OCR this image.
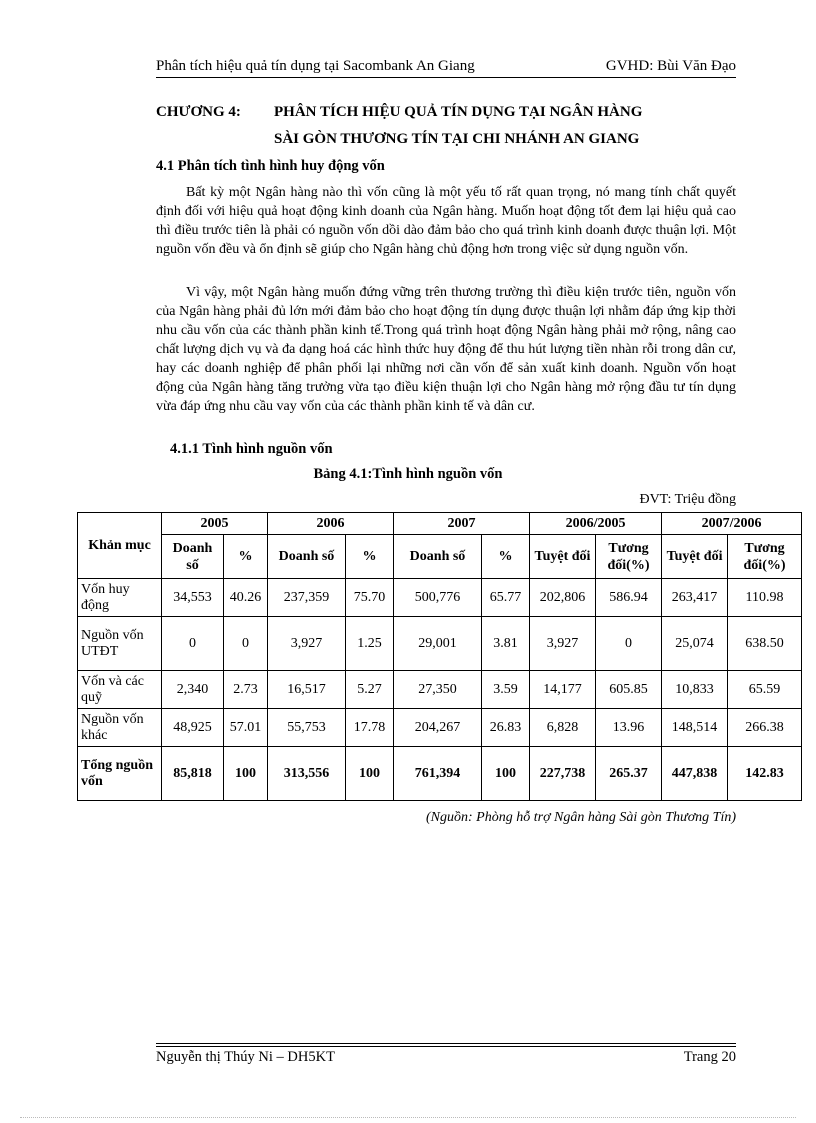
Phân tích hiệu quả tín dụng tại Sacombank An Giang	GVHD: Bùi Văn Đạo
CHƯƠNG 4: PHÂN TÍCH HIỆU QUẢ TÍN DỤNG TẠI NGÂN HÀNG
SÀI GÒN THƯƠNG TÍN TẠI CHI NHÁNH AN GIANG
4.1 Phân tích tình hình huy động vốn

Bất kỳ một Ngân hàng nào thì vốn cũng là một yếu tố rất quan trọng, nó mang tính chất quyết định đối với hiệu quả hoạt động kinh doanh của Ngân hàng. Muốn hoạt động tốt đem lại hiệu quả cao thì điều trước tiên là phải có nguồn vốn dồi dào đảm bảo cho quá trình kinh doanh được thuận lợi. Một nguồn vốn đều và ổn định sẽ giúp cho Ngân hàng chủ động hơn trong việc sử dụng nguồn vốn.

Vì vậy, một Ngân hàng muốn đứng vững trên thương trường thì điều kiện trước tiên, nguồn vốn của Ngân hàng phải đủ lớn mới đảm bảo cho hoạt động tín dụng được thuận lợi nhằm đáp ứng kịp thời nhu cầu vốn của các thành phần kinh tế.Trong quá trình hoạt động Ngân hàng phải mở rộng, nâng cao chất lượng dịch vụ và đa dạng hoá các hình thức huy động để thu hút lượng tiền nhàn rỗi trong dân cư, hay các doanh nghiệp để phân phối lại những nơi cần vốn để sản xuất kinh doanh. Nguồn vốn hoạt động của Ngân hàng tăng trưởng vừa tạo điều kiện thuận lợi cho Ngân hàng mở rộng đầu tư tín dụng vừa đáp ứng nhu cầu vay vốn của các thành phần kinh tế và dân cư.

4.1.1 Tình hình nguồn vốn
Bảng 4.1:Tình hình nguồn vốn
ĐVT: Triệu đồng
Khản mục	2005		2006		2007		2006/2005		2007/2006	
	Doanh số	%	Doanh số	%	Doanh số	%	Tuyệt đối	Tương đối(%)	Tuyệt đối	Tương đối(%)
Vốn huy động	34,553	40.26	237,359	75.70	500,776	65.77	202,806	586.94	263,417	110.98
Nguồn vốn UTĐT	0	0	3,927	1.25	29,001	3.81	3,927	0	25,074	638.50
Vốn và các quỹ	2,340	2.73	16,517	5.27	27,350	3.59	14,177	605.85	10,833	65.59
Nguồn vốn khác	48,925	57.01	55,753	17.78	204,267	26.83	6,828	13.96	148,514	266.38
Tổng nguồn vốn	85,818	100	313,556	100	761,394	100	227,738	265.37	447,838	142.83
(Nguồn: Phòng hỗ trợ Ngân hàng Sài gòn Thương Tín)
Nguyễn thị Thúy Ni – DH5KT	Trang 20
